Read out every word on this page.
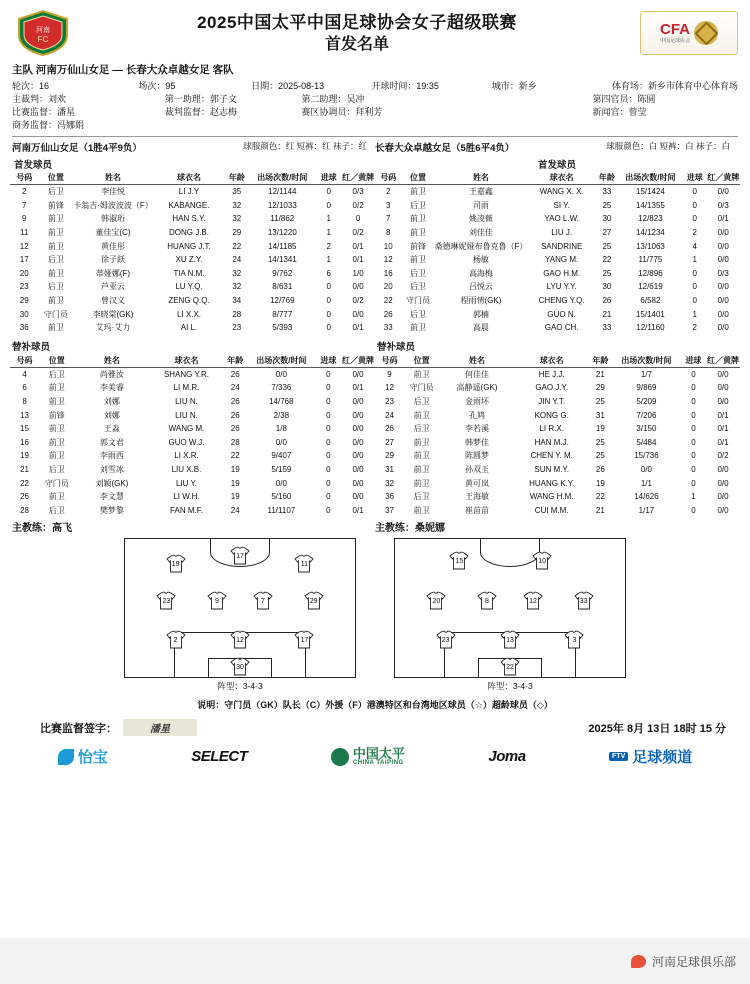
河南
FC
2025中国太平中国足球协会女子超级联赛
首发名单
CFA
中国足球协会
主队 河南万仙山女足 — 长春大众卓越女足 客队
轮次：16	场次：95	日期：2025-08-13	开球时间：19:35	城市：新乡	体育场：新乡市体育中心体育场
主裁判：刘欢	第一助理：郭子文	第二助理：吴冲	第四官员：陈圆
比赛监督：潘星	裁判监督：赵志梅	赛区协调员：拜利芳	新闻官：曾莹
商务监督：冯娜娟
河南万仙山女足（1胜4平9负）	球服颜色：红 短裤：红 袜子：红 长春大众卓越女足（5胜6平4负）	球服颜色：白 短裤：白 袜子：白
首发球员	首发球员
号码	位置	姓名	球衣名	年龄	出场次数/时间	进球	红／黄牌
2	后卫	李佳悦	LI J.Y	35	12/1144	0	0/3
7	前锋	卡翁吉·姆波波波（F）	KABANGE.	32	12/1033	0	0/2
9	前卫	韩淑珩	HAN S.Y.	32	11/862	1	0
11	前卫	董佳宝(C)	DONG J.B.	29	13/1220	1	0/2
12	前卫	黄佳彤	HUANG J.T.	22	14/1185	2	0/1
17	后卫	徐子跃	XU Z.Y.	24	14/1341	1	0/1
20	前卫	蒂娅娜(F)	TIA N.M.	32	9/762	6	1/0
23	后卫	芦亚云	LU Y.Q.	32	8/631	0	0/0
29	前卫	曾汉义	ZENG Q.Q.	34	12/769	0	0/2
30	守门员	李晓棠(GK)	LI X.X.	28	8/777	0	0/0
36	前卫	艾玛·艾力	AI L.	23	5/393	0	0/1
号码	位置	姓名	球衣名	年龄	出场次数/时间	进球	红／黄牌
2	前卫	王嘉鑫	WANG X. X.	33	15/1424	0	0/0
3	后卫	司雨	SI Y.	25	14/1355	0	0/3
7	前卫	姚凌薇	YAO L.W.	30	12/823	0	0/1
8	前卫	刘佳佳	LIU J.	27	14/1234	2	0/0
10	前锋	桑德琳妮娅布鲁克鲁（F）	SANDRINE	25	13/1063	4	0/0
12	前卫	杨敏	YANG M.	22	11/775	1	0/0
16	后卫	高海梅	GAO H.M.	25	12/896	0	0/3
20	后卫	吕悦云	LYU Y.Y.	30	12/619	0	0/0
22	守门员	程雨情(GK)	CHENG Y.Q.	26	6/582	0	0/0
26	后卫	郭楠	GUO N.	21	15/1401	1	0/0
33	前卫	高晨	GAO CH.	33	12/1160	2	0/0
替补球员	替补球员
号码	位置	姓名	球衣名	年龄	出场次数/时间	进球	红／黄牌
4	后卫	尚雅汝	SHANG Y.R.	26	0/0	0	0/0
6	前卫	李美睿	LI M.R.	24	7/336	0	0/1
8	前卫	刘娜	LIU N.	26	14/768	0	0/0
13	前锋	刘娜	LIU N.	26	2/38	0	0/0
15	前卫	王淼	WANG M.	26	1/8	0	0/0
16	前卫	郭文君	GUO W.J.	28	0/0	0	0/0
19	前卫	李雨西	LI X.R.	22	9/407	0	0/0
21	后卫	刘雪冰	LIU X.B.	19	5/159	0	0/0
22	守门员	刘颖(GK)	LIU Y.	19	0/0	0	0/0
26	前卫	李文慧	LI W.H.	19	5/160	0	0/0
28	后卫	樊梦黎	FAN M.F.	24	11/1107	0	0/1
号码	位置	姓名	球衣名	年龄	出场次数/时间	进球	红／黄牌
9	前卫	何佳佳	HE J.J.	21	1/7	0	0/0
12	守门员	高静遥(GK)	GAO J.Y.	29	9/869	0	0/0
23	后卫	金雨坏	JIN Y.T.	25	5/209	0	0/0
24	前卫	孔鸠	KONG G.	31	7/206	0	0/1
26	后卫	李若溪	LI R.X.	19	3/150	0	0/1
27	前卫	韩梦佳	HAN M.J.	25	5/484	0	0/1
29	前卫	陈圆梦	CHEN Y. M.	25	15/736	0	0/2
31	前卫	孙双玉	SUN M.Y.	26	0/0	0	0/0
32	前卫	黄可岚	HUANG K.Y.	19	1/1	0	0/0
36	后卫	王海敏	WANG H.M.	22	14/626	1	0/0
37	前卫	崔苗苗	CUI M.M.	21	1/17	0	0/0
主教练：高飞	主教练：桑妮娜
19
17
11
23	9	7	29
2	12	17
30
阵型：3-4-3
15	10
20	8	12	33
23	13	3
22
阵型：3-4-3
说明：守门员（GK）队长（C）外援（F）港澳特区和台湾地区球员（☆）超龄球员（◇）
比赛监督签字：	潘星	2025年 8月 13日 18时 15 分
怡宝	SELECT	中国太平
CHINA TAIPING	Joma	FTV 足球频道
河南足球俱乐部
